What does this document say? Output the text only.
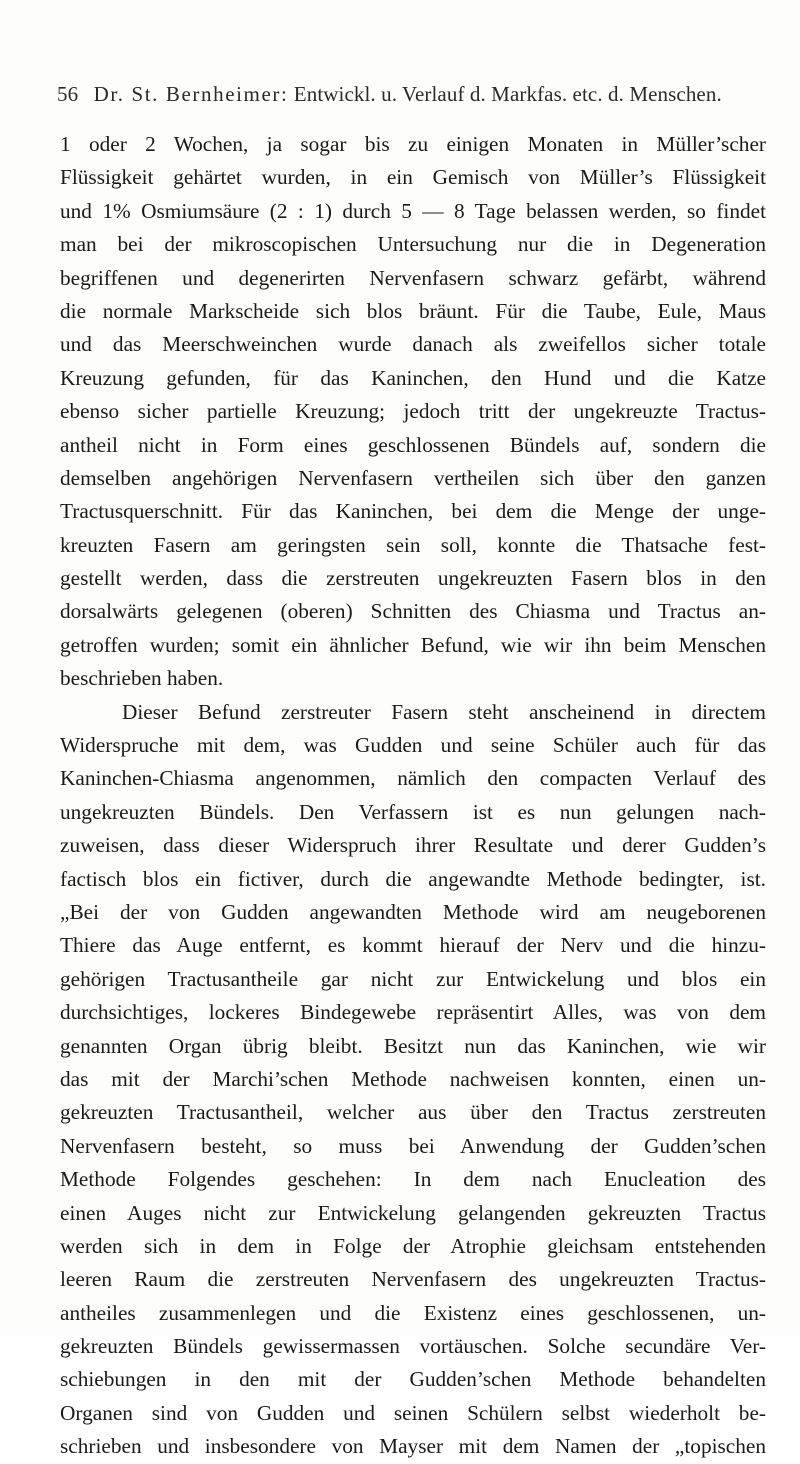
56 Dr. St. Bernheimer: Entwickl. u. Verlauf d. Markfas. etc. d. Menschen.
1 oder 2 Wochen, ja sogar bis zu einigen Monaten in Müller’scher
Flüssigkeit gehärtet wurden, in ein Gemisch von Müller’s Flüssigkeit
und 1% Osmiumsäure (2 : 1) durch 5 — 8 Tage belassen werden, so findet
man bei der mikroscopischen Untersuchung nur die in Degeneration
begriffenen und degenerirten Nervenfasern schwarz gefärbt, während
die normale Markscheide sich blos bräunt. Für die Taube, Eule, Maus
und das Meerschweinchen wurde danach als zweifellos sicher totale
Kreuzung gefunden, für das Kaninchen, den Hund und die Katze
ebenso sicher partielle Kreuzung; jedoch tritt der ungekreuzte Tractus-
antheil nicht in Form eines geschlossenen Bündels auf, sondern die
demselben angehörigen Nervenfasern vertheilen sich über den ganzen
Tractusquerschnitt. Für das Kaninchen, bei dem die Menge der unge-
kreuzten Fasern am geringsten sein soll, konnte die Thatsache fest-
gestellt werden, dass die zerstreuten ungekreuzten Fasern blos in den
dorsalwärts gelegenen (oberen) Schnitten des Chiasma und Tractus an-
getroffen wurden; somit ein ähnlicher Befund, wie wir ihn beim Menschen
beschrieben haben.
Dieser Befund zerstreuter Fasern steht anscheinend in directem
Widerspruche mit dem, was Gudden und seine Schüler auch für das
Kaninchen-Chiasma angenommen, nämlich den compacten Verlauf des
ungekreuzten Bündels. Den Verfassern ist es nun gelungen nach-
zuweisen, dass dieser Widerspruch ihrer Resultate und derer Gudden’s
factisch blos ein fictiver, durch die angewandte Methode bedingter, ist.
„Bei der von Gudden angewandten Methode wird am neugeborenen
Thiere das Auge entfernt, es kommt hierauf der Nerv und die hinzu-
gehörigen Tractusantheile gar nicht zur Entwickelung und blos ein
durchsichtiges, lockeres Bindegewebe repräsentirt Alles, was von dem
genannten Organ übrig bleibt. Besitzt nun das Kaninchen, wie wir
das mit der Marchi’schen Methode nachweisen konnten, einen un-
gekreuzten Tractusantheil, welcher aus über den Tractus zerstreuten
Nervenfasern besteht, so muss bei Anwendung der Gudden’schen
Methode Folgendes geschehen: In dem nach Enucleation des
einen Auges nicht zur Entwickelung gelangenden gekreuzten Tractus
werden sich in dem in Folge der Atrophie gleichsam entstehenden
leeren Raum die zerstreuten Nervenfasern des ungekreuzten Tractus-
antheiles zusammenlegen und die Existenz eines geschlossenen, un-
gekreuzten Bündels gewissermassen vortäuschen. Solche secundäre Ver-
schiebungen in den mit der Gudden’schen Methode behandelten
Organen sind von Gudden und seinen Schülern selbst wiederholt be-
schrieben und insbesondere von Mayser mit dem Namen der „topischen
